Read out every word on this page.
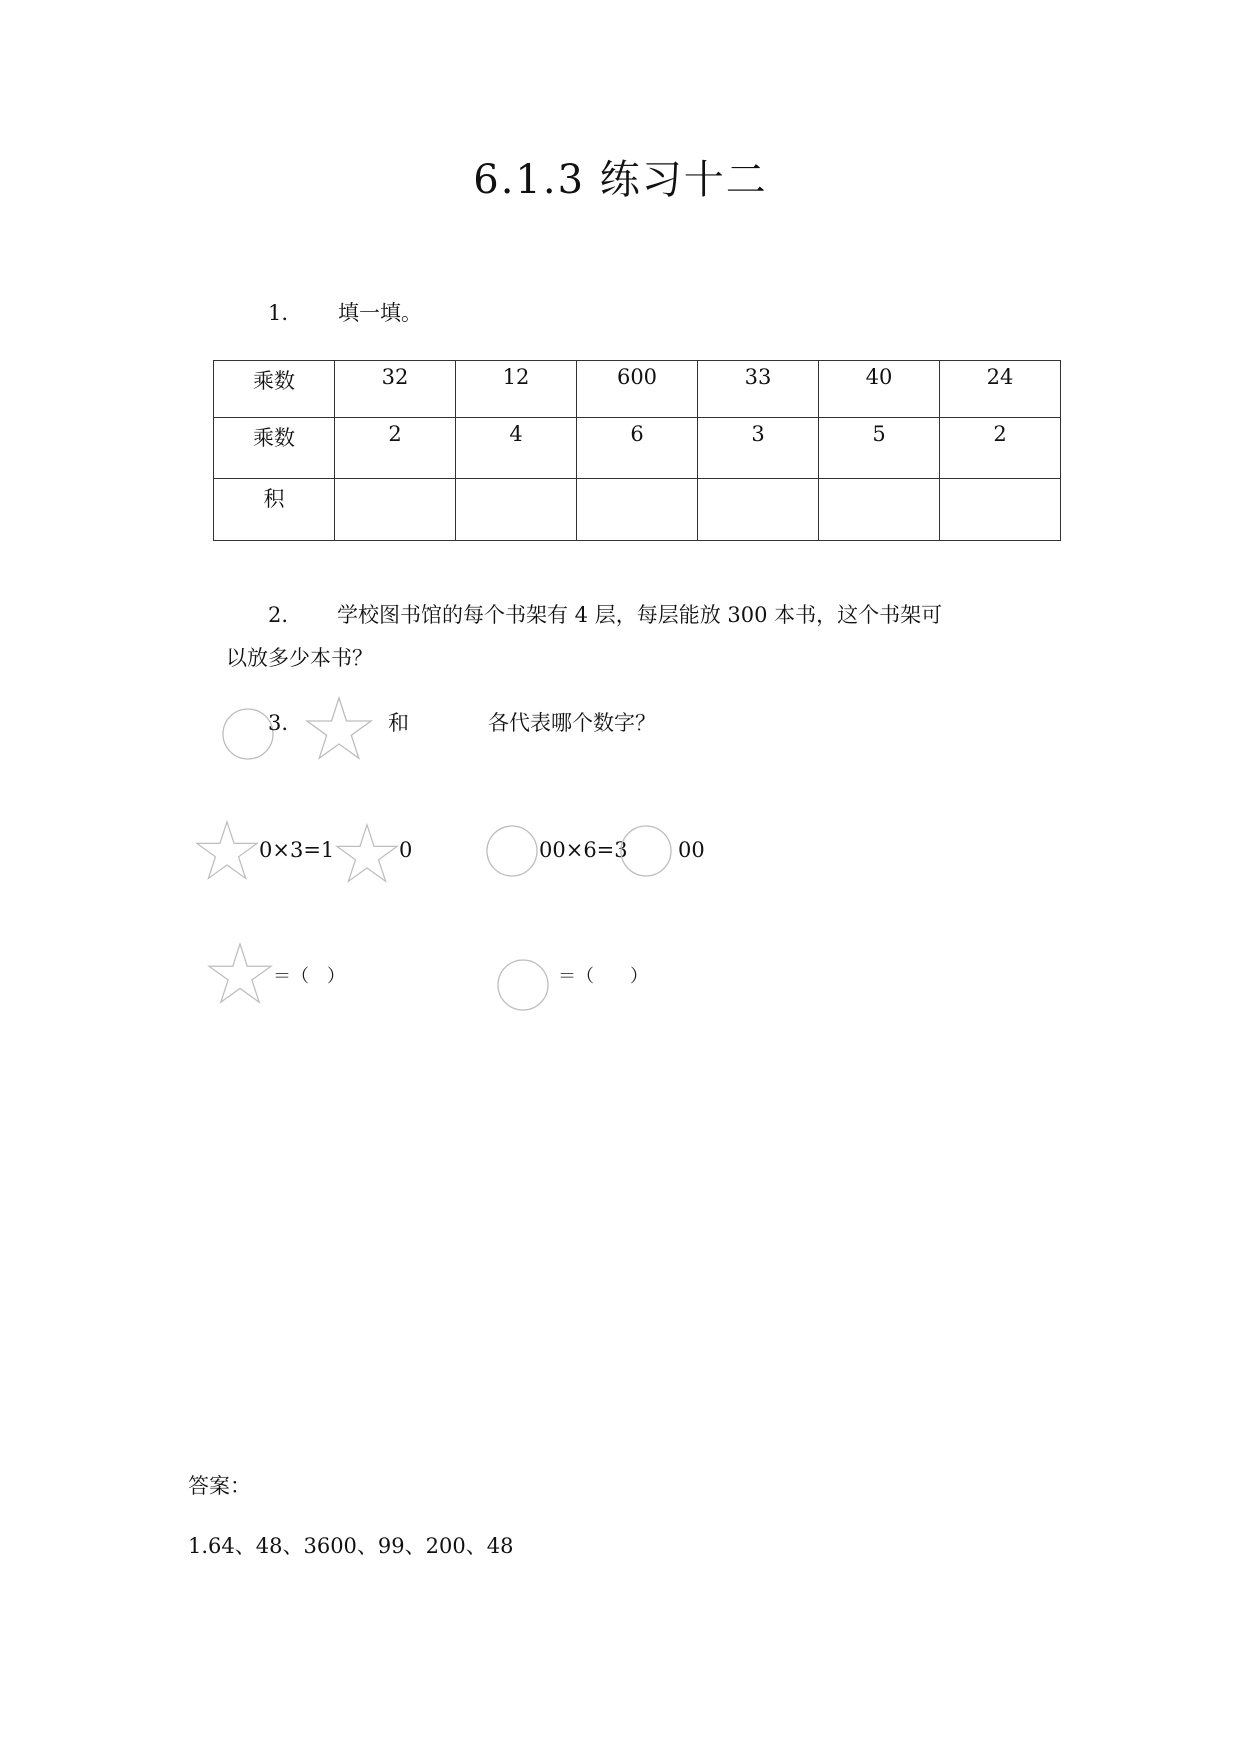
6.1.3 练习十二
1. 填一填。
乘数	32	12	600	33	40	24
乘数	2	4	6	3	5	2
积						
2. 学校图书馆的每个书架有 4 层，每层能放 300 本书，这个书架可
以放多少本书？
3.	和	各代表哪个数字？
0×3=1	0	00×6=3 00
＝（　）	＝（　　）
答案：
1.64、48、3600、99、200、48
